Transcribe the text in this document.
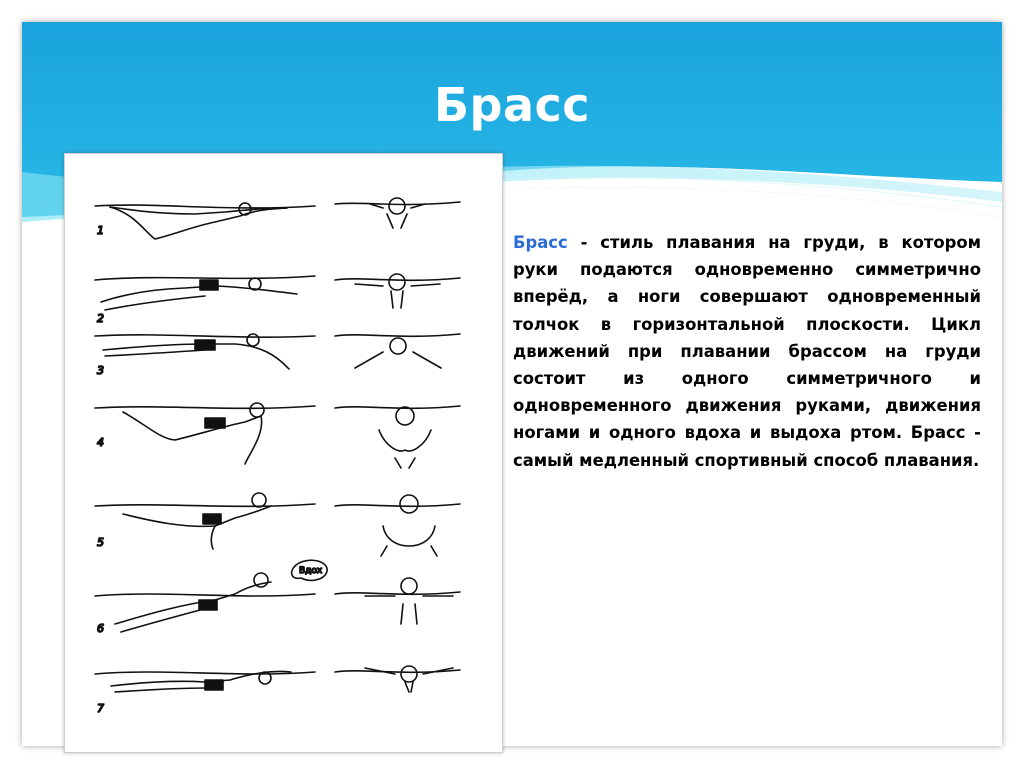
Брасс
1
2
3
4
5
Вдох
6
7
Брасс - стиль плавания на груди, в котором руки подаются одновременно симметрично вперёд, а ноги совершают одновременный толчок в горизонтальной плоскости. Цикл движений при плавании брассом на груди состоит из одного симметричного и одновременного движения руками, движения ногами и одного вдоха и выдоха ртом. Брасс - самый медленный спортивный способ плавания.
